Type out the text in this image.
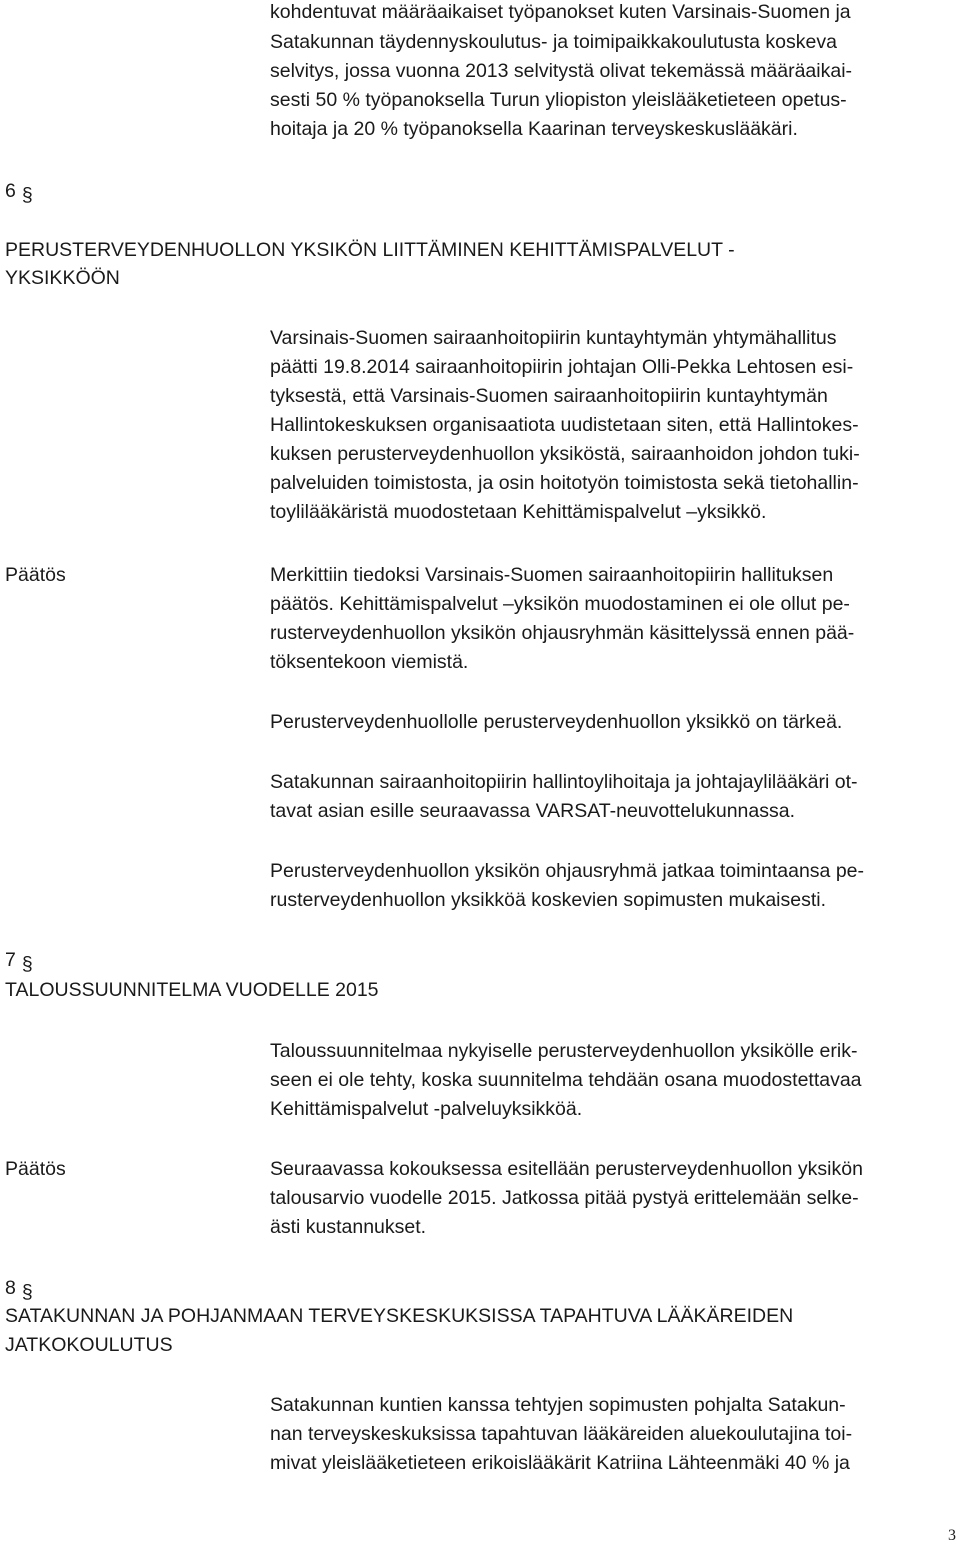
kohdentuvat määräaikaiset työpanokset kuten Varsinais-Suomen ja
Satakunnan täydennyskoulutus- ja toimipaikkakoulutusta koskeva
selvitys, jossa vuonna 2013 selvitystä olivat tekemässä määräaikai-
sesti 50 % työpanoksella Turun yliopiston yleislääketieteen opetus-
hoitaja ja 20 % työpanoksella Kaarinan terveyskeskuslääkäri.
6 §
PERUSTERVEYDENHUOLLON YKSIKÖN LIITTÄMINEN KEHITTÄMISPALVELUT -
YKSIKKÖÖN
Varsinais-Suomen sairaanhoitopiirin kuntayhtymän yhtymähallitus
päätti 19.8.2014 sairaanhoitopiirin johtajan Olli-Pekka Lehtosen esi-
tyksestä, että Varsinais-Suomen sairaanhoitopiirin kuntayhtymän
Hallintokeskuksen organisaatiota uudistetaan siten, että Hallintokes-
kuksen perusterveydenhuollon yksiköstä, sairaanhoidon johdon tuki-
palveluiden toimistosta, ja osin hoitotyön toimistosta sekä tietohallin-
toylilääkäristä muodostetaan Kehittämispalvelut –yksikkö.
Päätös	Merkittiin tiedoksi Varsinais-Suomen sairaanhoitopiirin hallituksen
päätös. Kehittämispalvelut –yksikön muodostaminen ei ole ollut pe-
rusterveydenhuollon yksikön ohjausryhmän käsittelyssä ennen pää-
töksentekoon viemistä.
Perusterveydenhuollolle perusterveydenhuollon yksikkö on tärkeä.
Satakunnan sairaanhoitopiirin hallintoylihoitaja ja johtajaylilääkäri ot-
tavat asian esille seuraavassa VARSAT-neuvottelukunnassa.
Perusterveydenhuollon yksikön ohjausryhmä jatkaa toimintaansa pe-
rusterveydenhuollon yksikköä koskevien sopimusten mukaisesti.
7 §
TALOUSSUUNNITELMA VUODELLE 2015
Taloussuunnitelmaa nykyiselle perusterveydenhuollon yksikölle erik-
seen ei ole tehty, koska suunnitelma tehdään osana muodostettavaa
Kehittämispalvelut -palveluyksikköä.
Päätös	Seuraavassa kokouksessa esitellään perusterveydenhuollon yksikön
talousarvio vuodelle 2015. Jatkossa pitää pystyä erittelemään selke-
ästi kustannukset.
8 §
SATAKUNNAN JA POHJANMAAN TERVEYSKESKUKSISSA TAPAHTUVA LÄÄKÄREIDEN
JATKOKOULUTUS
Satakunnan kuntien kanssa tehtyjen sopimusten pohjalta Satakun-
nan terveyskeskuksissa tapahtuvan lääkäreiden aluekoulutajina toi-
mivat yleislääketieteen erikoislääkärit Katriina Lähteenmäki 40 % ja
3
